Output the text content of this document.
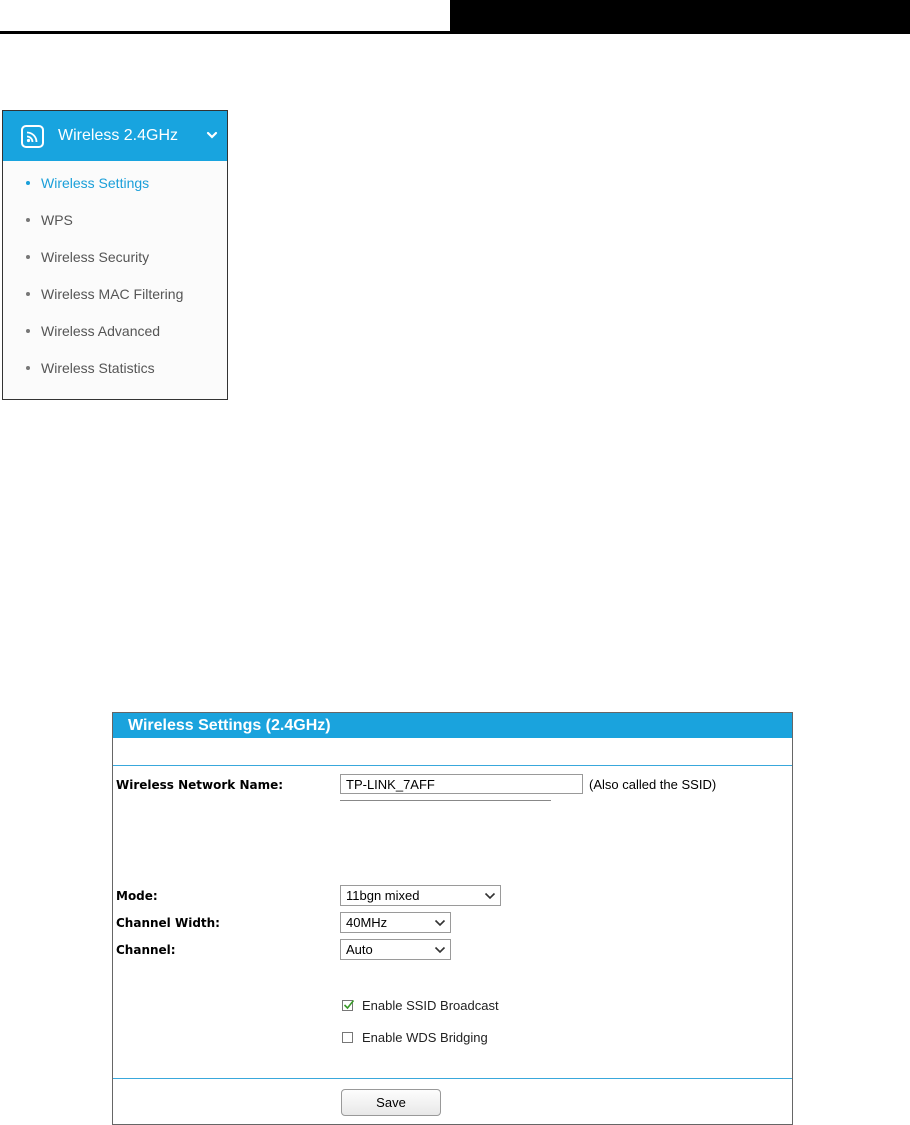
Wireless 2.4GHz
Wireless Settings
WPS
Wireless Security
Wireless MAC Filtering
Wireless Advanced
Wireless Statistics
Wireless Settings (2.4GHz)
Wireless Network Name:
TP-LINK_7AFF	(Also called the SSID)
Mode:	11bgn mixed
Channel Width:	40MHz
Channel:	Auto
Enable SSID Broadcast
Enable WDS Bridging
Save
